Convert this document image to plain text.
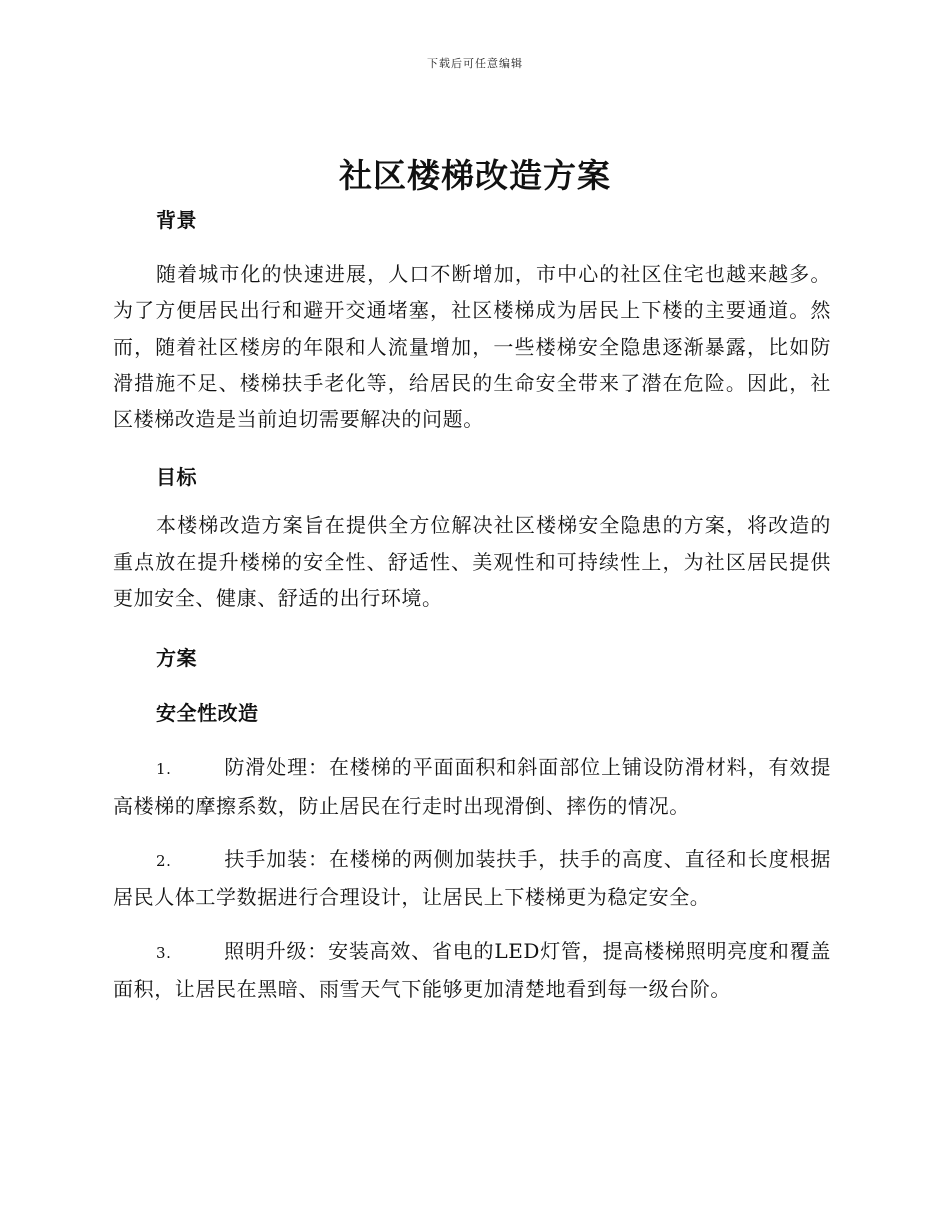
下载后可任意编辑
社区楼梯改造方案

背景

随着城市化的快速进展，人口不断增加，市中心的社区住宅也越来越多。为了方便居民出行和避开交通堵塞，社区楼梯成为居民上下楼的主要通道。然而，随着社区楼房的年限和人流量增加，一些楼梯安全隐患逐渐暴露，比如防滑措施不足、楼梯扶手老化等，给居民的生命安全带来了潜在危险。因此，社区楼梯改造是当前迫切需要解决的问题。

目标

本楼梯改造方案旨在提供全方位解决社区楼梯安全隐患的方案，将改造的重点放在提升楼梯的安全性、舒适性、美观性和可持续性上，为社区居民提供更加安全、健康、舒适的出行环境。

方案

安全性改造

1.	防滑处理：在楼梯的平面面积和斜面部位上铺设防滑材料，有效提高楼梯的摩擦系数，防止居民在行走时出现滑倒、摔伤的情况。

2.	扶手加装：在楼梯的两侧加装扶手，扶手的高度、直径和长度根据居民人体工学数据进行合理设计，让居民上下楼梯更为稳定安全。

3.	照明升级：安装高效、省电的LED灯管，提高楼梯照明亮度和覆盖面积，让居民在黑暗、雨雪天气下能够更加清楚地看到每一级台阶。
